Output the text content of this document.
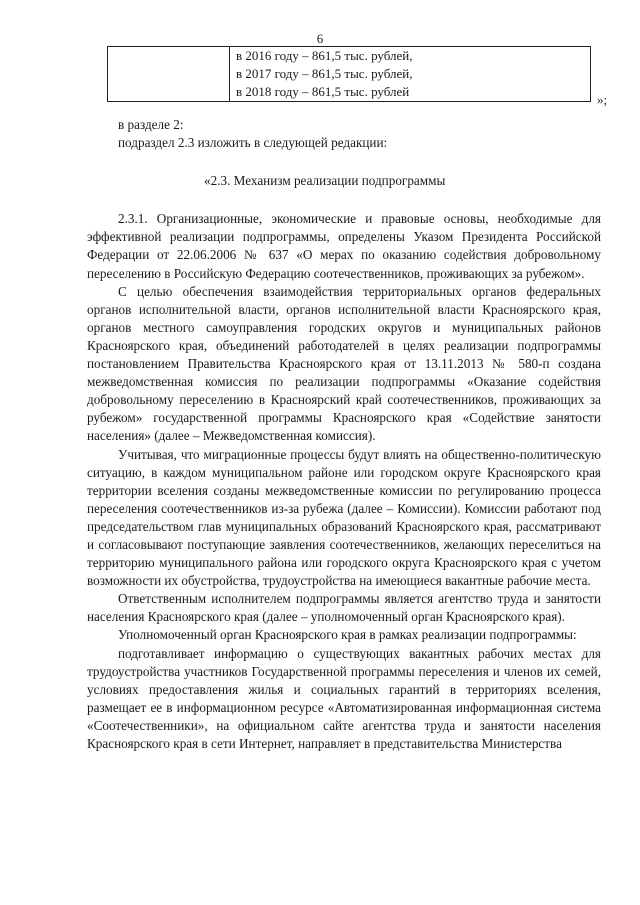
6

в 2016 году – 861,5 тыс. рублей,
в 2017 году – 861,5 тыс. рублей,
в 2018 году – 861,5 тыс. рублей
»;

в разделе 2:

подраздел 2.3 изложить в следующей редакции:

«2.3. Механизм реализации подпрограммы

2.3.1. Организационные, экономические и правовые основы, необходимые для эффективной реализации подпрограммы, определены Указом Президента Российской Федерации от 22.06.2006 № 637 «О мерах по оказанию содействия добровольному переселению в Российскую Федерацию соотечественников, проживающих за рубежом».

С целью обеспечения взаимодействия территориальных органов федеральных органов исполнительной власти, органов исполнительной власти Красноярского края, органов местного самоуправления городских округов и муниципальных районов Красноярского края, объединений работодателей в целях реализации подпрограммы постановлением Правительства Красноярского края от 13.11.2013 № 580-п создана межведомственная комиссия по реализации подпрограммы «Оказание содействия добровольному переселению в Красноярский край соотечественников, проживающих за рубежом» государственной программы Красноярского края «Содействие занятости населения» (далее – Межведомственная комиссия).

Учитывая, что миграционные процессы будут влиять на общественно-политическую ситуацию, в каждом муниципальном районе или городском округе Красноярского края территории вселения созданы межведомственные комиссии по регулированию процесса переселения соотечественников из-за рубежа (далее – Комиссии). Комиссии работают под председательством глав муниципальных образований Красноярского края, рассматривают и согласовывают поступающие заявления соотечественников, желающих переселиться на территорию муниципального района или городского округа Красноярского края с учетом возможности их обустройства, трудоустройства на имеющиеся вакантные рабочие места.

Ответственным исполнителем подпрограммы является агентство труда и занятости населения Красноярского края (далее – уполномоченный орган Красноярского края).

Уполномоченный орган Красноярского края в рамках реализации подпрограммы:

подготавливает информацию о существующих вакантных рабочих местах для трудоустройства участников Государственной программы переселения и членов их семей, условиях предоставления жилья и социальных гарантий в территориях вселения, размещает ее в информационном ресурсе «Автоматизированная информационная система «Соотечественники», на официальном сайте агентства труда и занятости населения Красноярского края в сети Интернет, направляет в представительства Министерства
